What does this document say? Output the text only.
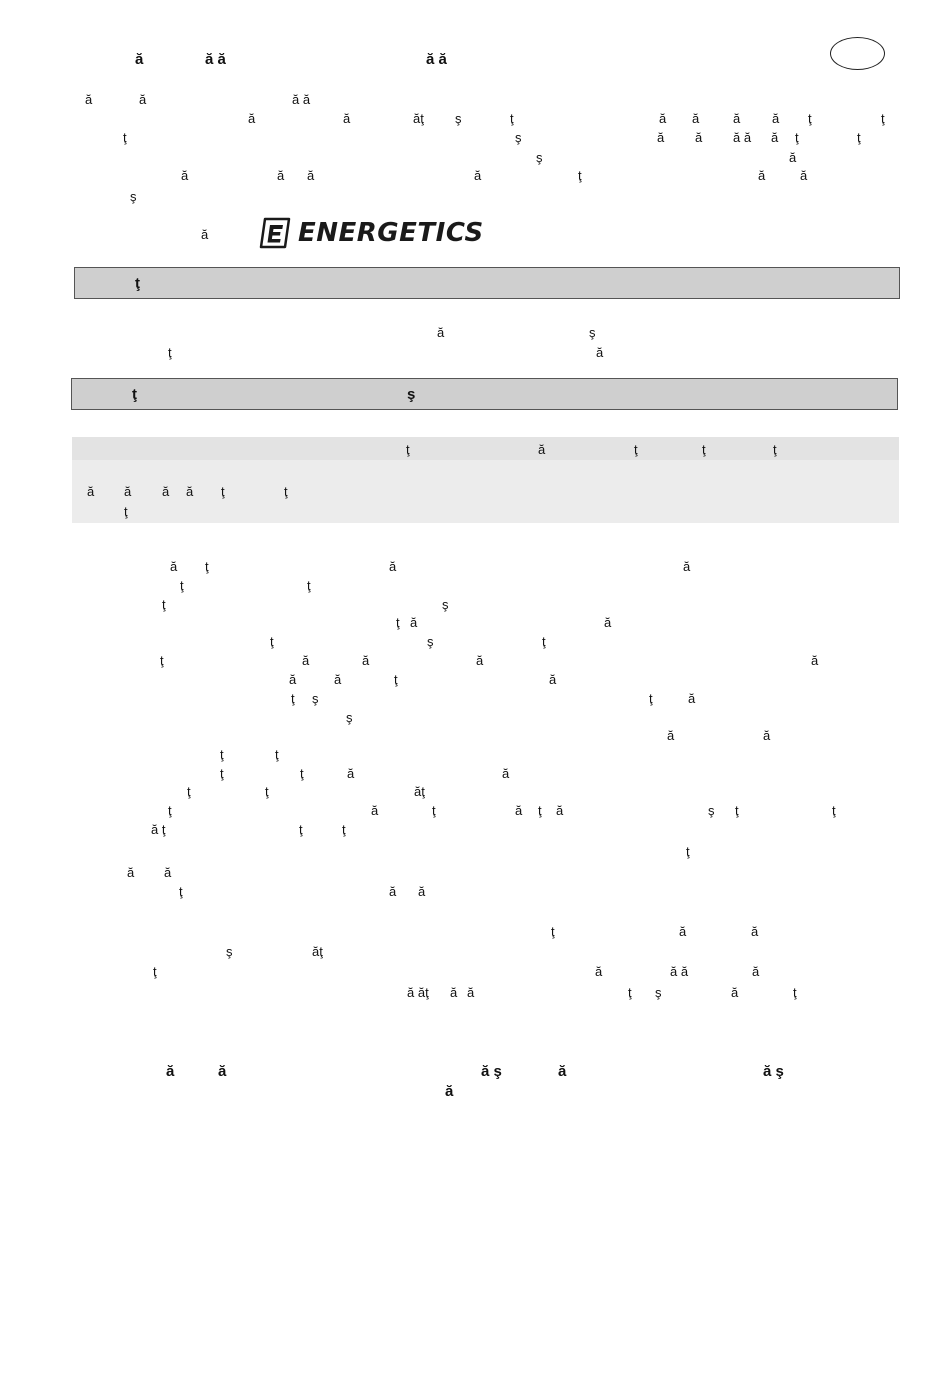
ă	ă ă	ă ă
ă	ă	ă ă
ă	ă	ăţ ş	ţ	ă ă	ă ă ţ	ţ
ţ	ş	ă ă ă ă ă ţ	ţ
ş	ă
ă	ă ă	ă	ţ	ă	ă
ă
ş
ENERGETICS
ţ
ă	ş
ţ	ă
ţ	ş
ţ	ă	ţ	ţ	ţ
ă ă ă ă ţ	ţ
ţ
ă ţ	ă	ă
ţ	ţ
ţ	ş
ţ ă	ă
ţ	ş	ţ
ţ	ă	ă	ă	ă
ă	ă	ţ	ă
ţ ş	ţ	ă
ş
ă	ă
ţ	ţ
ţ	ţ	ă	ă
ţ	ţ	ăţ
ţ	ă	ţ	ă ţ ă	ş ţ	ţ
ă ţ	ţ	ţ
ţ
ă ă
ţ	ă ă
ţ	ă	ă
ş	ăţ
ţ	ă	ă ă	ă
ă ăţ ă ă	ţ ş	ă	ţ
ă	ă	ă ş	ă	ă ş
ă
